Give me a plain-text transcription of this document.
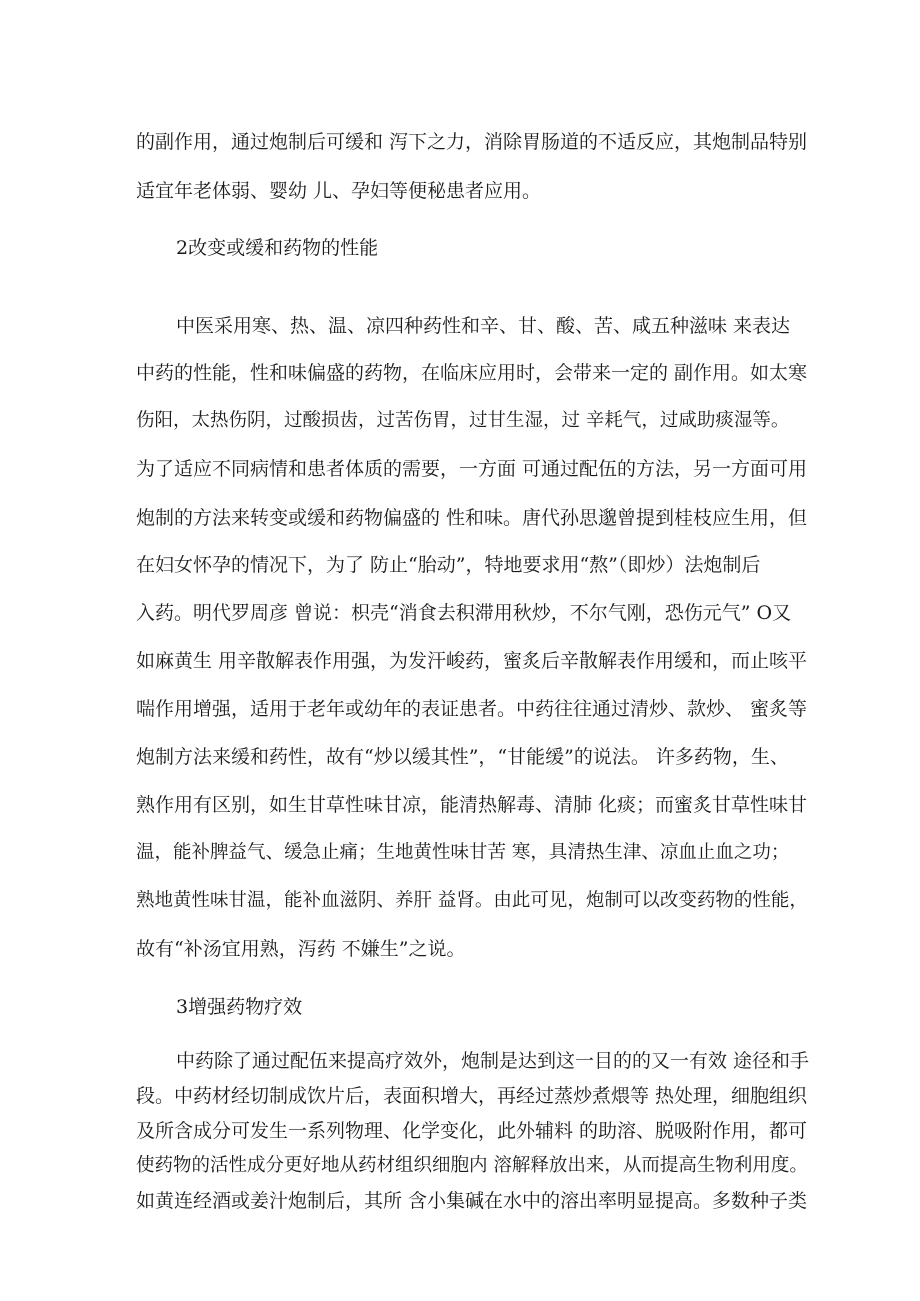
的副作用，通过炮制后可缓和 泻下之力，消除胃肠道的不适反应，其炮制品特别
适宜年老体弱、婴幼 儿、孕妇等便秘患者应用。
2改变或缓和药物的性能
中医采用寒、热、温、凉四种药性和辛、甘、酸、苦、咸五种滋味 来表达
中药的性能，性和味偏盛的药物，在临床应用时，会带来一定的 副作用。如太寒
伤阳，太热伤阴，过酸损齿，过苦伤胃，过甘生湿，过 辛耗气，过咸助痰湿等。
为了适应不同病情和患者体质的需要，一方面 可通过配伍的方法，另一方面可用
炮制的方法来转变或缓和药物偏盛的 性和味。唐代孙思邈曾提到桂枝应生用，但
在妇女怀孕的情况下，为了 防止“胎动”，特地要求用“熬”（即炒）法炮制后
入药。明代罗周彦 曾说：枳壳“消食去积滞用秋炒，不尔气刚，恐伤元气” O又
如麻黄生 用辛散解表作用强，为发汗峻药，蜜炙后辛散解表作用缓和，而止咳平
喘作用增强，适用于老年或幼年的表证患者。中药往往通过清炒、款炒、 蜜炙等
炮制方法来缓和药性，故有“炒以缓其性”，“甘能缓”的说法。 许多药物，生、
熟作用有区别，如生甘草性味甘凉，能清热解毒、清肺 化痰；而蜜炙甘草性味甘
温，能补脾益气、缓急止痛；生地黄性味甘苦 寒，具清热生津、凉血止血之功；
熟地黄性味甘温，能补血滋阴、养肝 益肾。由此可见，炮制可以改变药物的性能，
故有“补汤宜用熟，泻药 不嫌生”之说。
3增强药物疗效
中药除了通过配伍来提高疗效外，炮制是达到这一目的的又一有效 途径和手
段。中药材经切制成饮片后，表面积增大，再经过蒸炒煮煨等 热处理，细胞组织
及所含成分可发生一系列物理、化学变化，此外辅料 的助溶、脱吸附作用，都可
使药物的活性成分更好地从药材组织细胞内 溶解释放出来，从而提高生物利用度。
如黄连经酒或姜汁炮制后，其所 含小集碱在水中的溶出率明显提高。多数种子类
